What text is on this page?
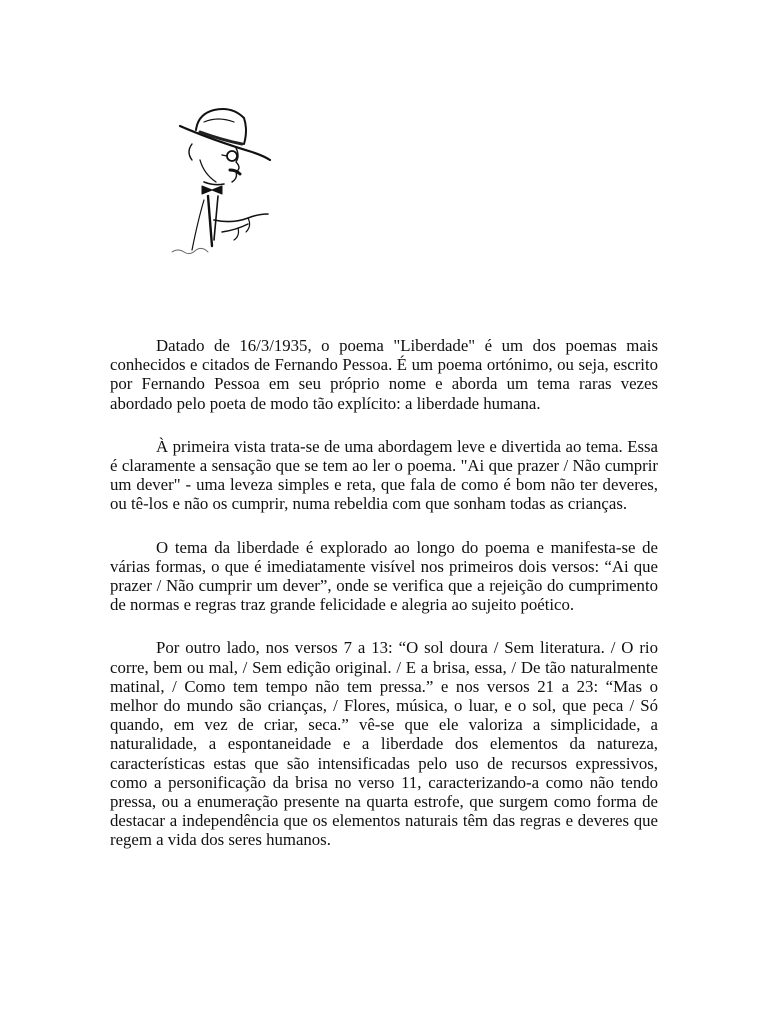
Datado de 16/3/1935, o poema "Liberdade" é um dos poemas mais conhecidos e citados de Fernando Pessoa. É um poema ortónimo, ou seja, escrito por Fernando Pessoa em seu próprio nome e aborda um tema raras vezes abordado pelo poeta de modo tão explícito: a liberdade humana.

À primeira vista trata-se de uma abordagem leve e divertida ao tema. Essa é claramente a sensação que se tem ao ler o poema. "Ai que prazer / Não cumprir um dever" - uma leveza simples e reta, que fala de como é bom não ter deveres, ou tê-los e não os cumprir, numa rebeldia com que sonham todas as crianças.

O tema da liberdade é explorado ao longo do poema e manifesta-se de várias formas, o que é imediatamente visível nos primeiros dois versos: “Ai que prazer / Não cumprir um dever”, onde se verifica que a rejeição do cumprimento de normas e regras traz grande felicidade e alegria ao sujeito poético.

Por outro lado, nos versos 7 a 13: “O sol doura / Sem literatura. / O rio corre, bem ou mal, / Sem edição original. / E a brisa, essa, / De tão naturalmente matinal, / Como tem tempo não tem pressa.” e nos versos 21 a 23: “Mas o melhor do mundo são crianças, / Flores, música, o luar, e o sol, que peca / Só quando, em vez de criar, seca.” vê-se que ele valoriza a simplicidade, a naturalidade, a espontaneidade e a liberdade dos elementos da natureza, características estas que são intensificadas pelo uso de recursos expressivos, como a personificação da brisa no verso 11, caracterizando-a como não tendo pressa, ou a enumeração presente na quarta estrofe, que surgem como forma de destacar a independência que os elementos naturais têm das regras e deveres que regem a vida dos seres humanos.
